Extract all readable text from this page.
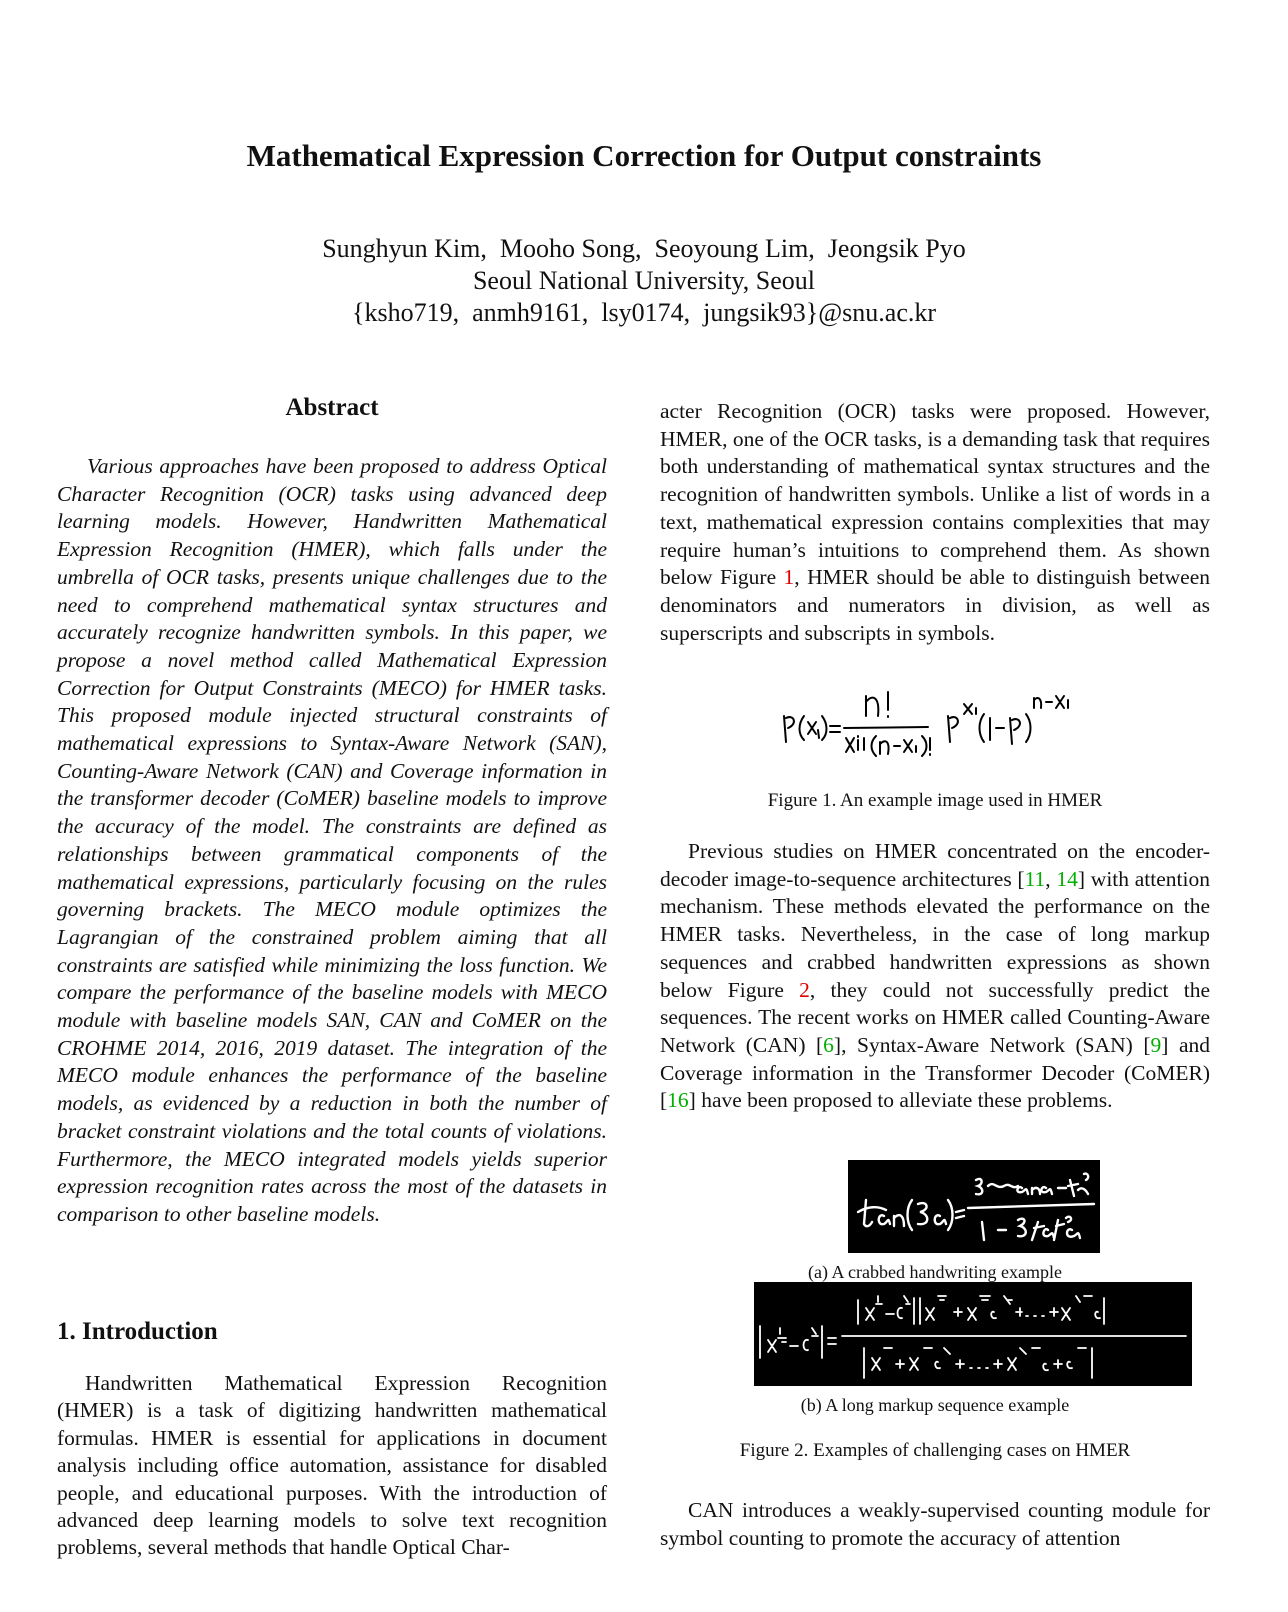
Mathematical Expression Correction for Output constraints
Sunghyun Kim,  Mooho Song,  Seoyoung Lim,  Jeongsik Pyo
Seoul National University, Seoul
{ksho719,  anmh9161,  lsy0174,  jungsik93}@snu.ac.kr
Abstract
Various approaches have been proposed to address Optical Character Recognition (OCR) tasks using advanced deep learning models. However, Handwritten Mathematical Expression Recognition (HMER), which falls under the umbrella of OCR tasks, presents unique challenges due to the need to comprehend mathematical syntax structures and accurately recognize handwritten symbols. In this paper, we propose a novel method called Mathematical Expression Correction for Output Constraints (MECO) for HMER tasks. This proposed module injected structural constraints of mathematical expressions to Syntax-Aware Network (SAN), Counting-Aware Network (CAN) and Coverage information in the transformer decoder (CoMER) baseline models to improve the accuracy of the model. The constraints are defined as relationships between grammatical components of the mathematical expressions, particularly focusing on the rules governing brackets. The MECO module optimizes the Lagrangian of the constrained problem aiming that all constraints are satisfied while minimizing the loss function. We compare the performance of the baseline models with MECO module with baseline models SAN, CAN and CoMER on the CROHME 2014, 2016, 2019 dataset. The integration of the MECO module enhances the performance of the baseline models, as evidenced by a reduction in both the number of bracket constraint violations and the total counts of violations. Furthermore, the MECO integrated models yields superior expression recognition rates across the most of the datasets in comparison to other baseline models.
1. Introduction
Handwritten Mathematical Expression Recognition (HMER) is a task of digitizing handwritten mathematical formulas. HMER is essential for applications in document analysis including office automation, assistance for disabled people, and educational purposes. With the introduction of advanced deep learning models to solve text recognition problems, several methods that handle Optical Char-
acter Recognition (OCR) tasks were proposed. However, HMER, one of the OCR tasks, is a demanding task that requires both understanding of mathematical syntax structures and the recognition of handwritten symbols. Unlike a list of words in a text, mathematical expression contains complexities that may require human’s intuitions to comprehend them. As shown below Figure 1, HMER should be able to distinguish between denominators and numerators in division, as well as superscripts and subscripts in symbols.
Figure 1. An example image used in HMER
Previous studies on HMER concentrated on the encoder-decoder image-to-sequence architectures [11, 14] with attention mechanism. These methods elevated the performance on the HMER tasks. Nevertheless, in the case of long markup sequences and crabbed handwritten expressions as shown below Figure 2, they could not successfully predict the sequences. The recent works on HMER called Counting-Aware Network (CAN) [6], Syntax-Aware Network (SAN) [9] and Coverage information in the Transformer Decoder (CoMER) [16] have been proposed to alleviate these problems.
(a) A crabbed handwriting example
(b) A long markup sequence example
Figure 2. Examples of challenging cases on HMER
CAN introduces a weakly-supervised counting module for symbol counting to promote the accuracy of attention
